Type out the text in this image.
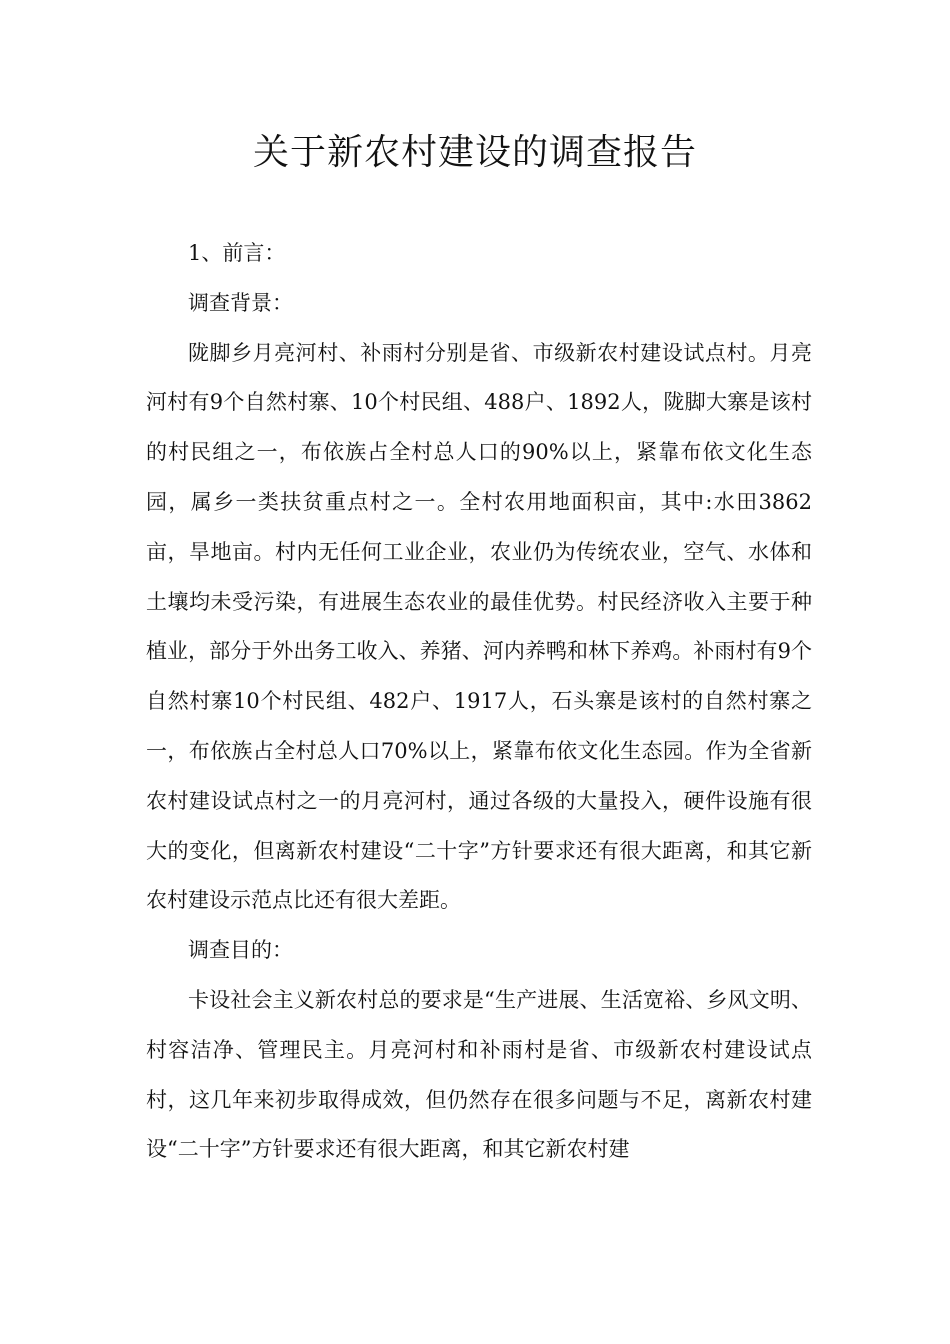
关于新农村建设的调查报告

1、前言：

调查背景：

陇脚乡月亮河村、补雨村分别是省、市级新农村建设试点村。月亮河村有9个自然村寨、10个村民组、488户、1892人，陇脚大寨是该村的村民组之一，布依族占全村总人口的90%以上，紧靠布依文化生态园，属乡一类扶贫重点村之一。全村农用地面积亩，其中:水田3862亩，旱地亩。村内无任何工业企业，农业仍为传统农业，空气、水体和土壤均未受污染，有进展生态农业的最佳优势。村民经济收入主要于种植业，部分于外出务工收入、养猪、河内养鸭和林下养鸡。补雨村有9个自然村寨10个村民组、482户、1917人，石头寨是该村的自然村寨之一，布依族占全村总人口70%以上，紧靠布依文化生态园。作为全省新农村建设试点村之一的月亮河村，通过各级的大量投入，硬件设施有很大的变化，但离新农村建设“二十字”方针要求还有很大距离，和其它新农村建设示范点比还有很大差距。

调查目的：

卡设社会主义新农村总的要求是“生产进展、生活宽裕、乡风文明、村容洁净、管理民主。月亮河村和补雨村是省、市级新农村建设试点村，这几年来初步取得成效，但仍然存在很多问题与不足，离新农村建设“二十字”方针要求还有很大距离，和其它新农村建
